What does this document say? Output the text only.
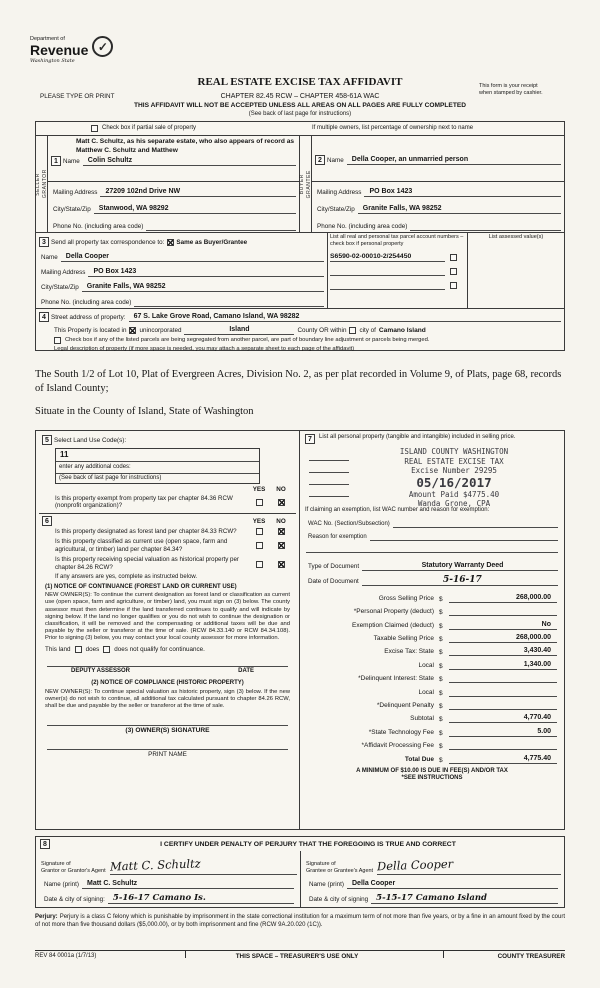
Department of
Revenue
Washington State
✓
REAL ESTATE EXCISE TAX AFFIDAVIT
PLEASE TYPE OR PRINT	CHAPTER 82.45 RCW – CHAPTER 458-61A WAC
This form is your receipt
when stamped by cashier.
THIS AFFIDAVIT WILL NOT BE ACCEPTED UNLESS ALL AREAS ON ALL PAGES ARE FULLY COMPLETED
(See back of last page for instructions)
Check box if partial sale of property	If multiple owners, list percentage of ownership next to name
SELLER GRANTOR
Matt C. Schultz, as his separate estate, who also appears of record as Matthew C. Schultz and Matthew
1 Name	Colin Schultz
Mailing Address	27209 102nd Drive NW
City/State/Zip	Stanwood, WA 98292
Phone No. (including area code)
BUYER GRANTEE
2 Name	Della Cooper, an unmarried person
Mailing Address	PO Box 1423
City/State/Zip	Granite Falls, WA 98252
Phone No. (including area code)
3 Send all property tax correspondence to:	Same as Buyer/Grantee
Name	Della Cooper
Mailing Address	PO Box 1423
City/State/Zip	Granite Falls, WA 98252
Phone No. (including area code)
List all real and personal tax parcel account numbers – check box if personal property
S6590-02-00010-2/254450
List assessed value(s)
4 Street address of property:	67 S. Lake Grove Road, Camano Island, WA 98282
This Property is located in unincorporated	Island	County OR within city of Camano Island
Check box if any of the listed parcels are being segregated from another parcel, are part of boundary line adjustment or parcels being merged.
Legal description of property (if more space is needed, you may attach a separate sheet to each page of the affidavit)
The South 1/2 of Lot 10, Plat of Evergreen Acres, Division No. 2, as per plat recorded in Volume 9, of Plats, page 68, records of Island County;
Situate in the County of Island, State of Washington
5 Select Land Use Code(s):
11
enter any additional codes:
(See back of last page for instructions)
YES	NO
Is this property exempt from property tax per chapter 84.36 RCW (nonprofit organization)?
6	YES	NO
Is this property designated as forest land per chapter 84.33 RCW?
Is this property classified as current use (open space, farm and agricultural, or timber) land per chapter 84.34?
Is this property receiving special valuation as historical property per chapter 84.26 RCW?
If any answers are yes, complete as instructed below.
(1) NOTICE OF CONTINUANCE (FOREST LAND OR CURRENT USE)
NEW OWNER(S): To continue the current designation as forest land or classification as current use (open space, farm and agriculture, or timber) land, you must sign on (3) below. The county assessor must then determine if the land transferred continues to qualify and will indicate by signing below. If the land no longer qualifies or you do not wish to continue the designation or classification, it will be removed and the compensating or additional taxes will be due and payable by the seller or transferor at the time of sale. (RCW 84.33.140 or RCW 84.34.108). Prior to signing (3) below, you may contact your local county assessor for more information.
This land does does not qualify for continuance.
DEPUTY ASSESSOR	DATE
(2) NOTICE OF COMPLIANCE (HISTORIC PROPERTY)
NEW OWNER(S): To continue special valuation as historic property, sign (3) below. If the new owner(s) do not wish to continue, all additional tax calculated pursuant to chapter 84.26 RCW, shall be due and payable by the seller or transferor at the time of sale.
(3) OWNER(S) SIGNATURE
PRINT NAME
7	List all personal property (tangible and intangible) included in selling price.
ISLAND COUNTY WASHINGTON
REAL ESTATE EXCISE TAX
Excise Number 29295
05/16/2017
Amount Paid $4775.40
Wanda Grone, CPA
If claiming an exemption, list WAC number and reason for exemption:
WAC No. (Section/Subsection)
Reason for exemption
Type of Document	Statutory Warranty Deed
Date of Document	5-16-17
Gross Selling Price $	268,000.00
*Personal Property (deduct) $
Exemption Claimed (deduct) $	No
Taxable Selling Price $	268,000.00
Excise Tax: State $	3,430.40
Local $	1,340.00
*Delinquent Interest: State $
Local $
*Delinquent Penalty $
Subtotal $	4,770.40
*State Technology Fee $	5.00
*Affidavit Processing Fee $
Total Due $	4,775.40
A MINIMUM OF $10.00 IS DUE IN FEE(S) AND/OR TAX
*SEE INSTRUCTIONS
8	I CERTIFY UNDER PENALTY OF PERJURY THAT THE FOREGOING IS TRUE AND CORRECT
Signature of
Grantor or Grantor's Agent Matt C. Schultz
Name (print)	Matt C. Schultz
Date & city of signing: 5-16-17 Camano Is.
Signature of
Grantee or Grantee's Agent Della Cooper
Name (print)	Della Cooper
Date & city of signing 5-15-17 Camano Island
Perjury: Perjury is a class C felony which is punishable by imprisonment in the state correctional institution for a maximum term of not more than five years, or by a fine in an amount fixed by the court of not more than five thousand dollars ($5,000.00), or by both imprisonment and fine (RCW 9A.20.020 (1C)).
REV 84 0001a (1/7/13)	THIS SPACE – TREASURER'S USE ONLY	COUNTY TREASURER
